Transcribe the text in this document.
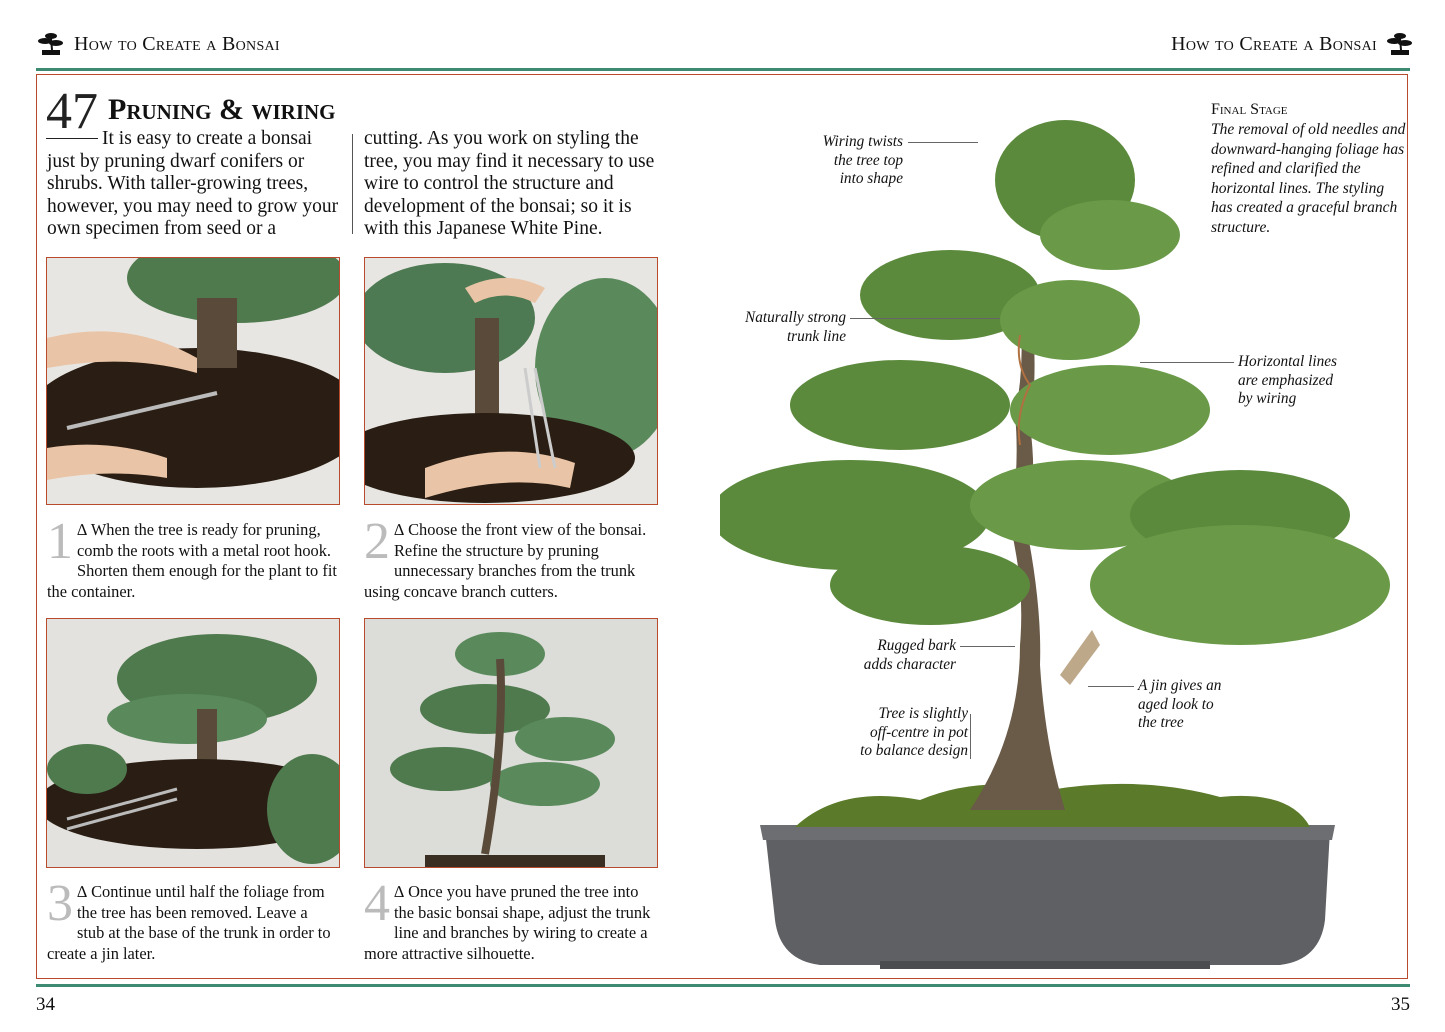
How to Create a Bonsai	How to Create a Bonsai
47 Pruning & wiring
It is easy to create a bonsai just by pruning dwarf conifers or shrubs. With taller-growing trees, however, you may need to grow your own specimen from seed or a
cutting. As you work on styling the tree, you may find it necessary to use wire to control the structure and development of the bonsai; so it is with this Japanese White Pine.
1 ∆ When the tree is ready for pruning, comb the roots with a metal root hook. Shorten them enough for the plant to fit the container.
2 ∆ Choose the front view of the bonsai. Refine the structure by pruning unnecessary branches from the trunk using concave branch cutters.
3 ∆ Continue until half the foliage from the tree has been removed. Leave a stub at the base of the trunk in order to create a jin later.
4 ∆ Once you have pruned the tree into the basic bonsai shape, adjust the trunk line and branches by wiring to create a more attractive silhouette.
Wiring twists
the tree top
into shape
Naturally strong
trunk line
Horizontal lines
are emphasized
by wiring
Rugged bark
adds character
A jin gives an
aged look to
the tree
Tree is slightly
off-centre in pot
to balance design
Final Stage
The removal of old needles and downward-hanging foliage has refined and clarified the horizontal lines. The styling has created a graceful branch structure.
34	35
